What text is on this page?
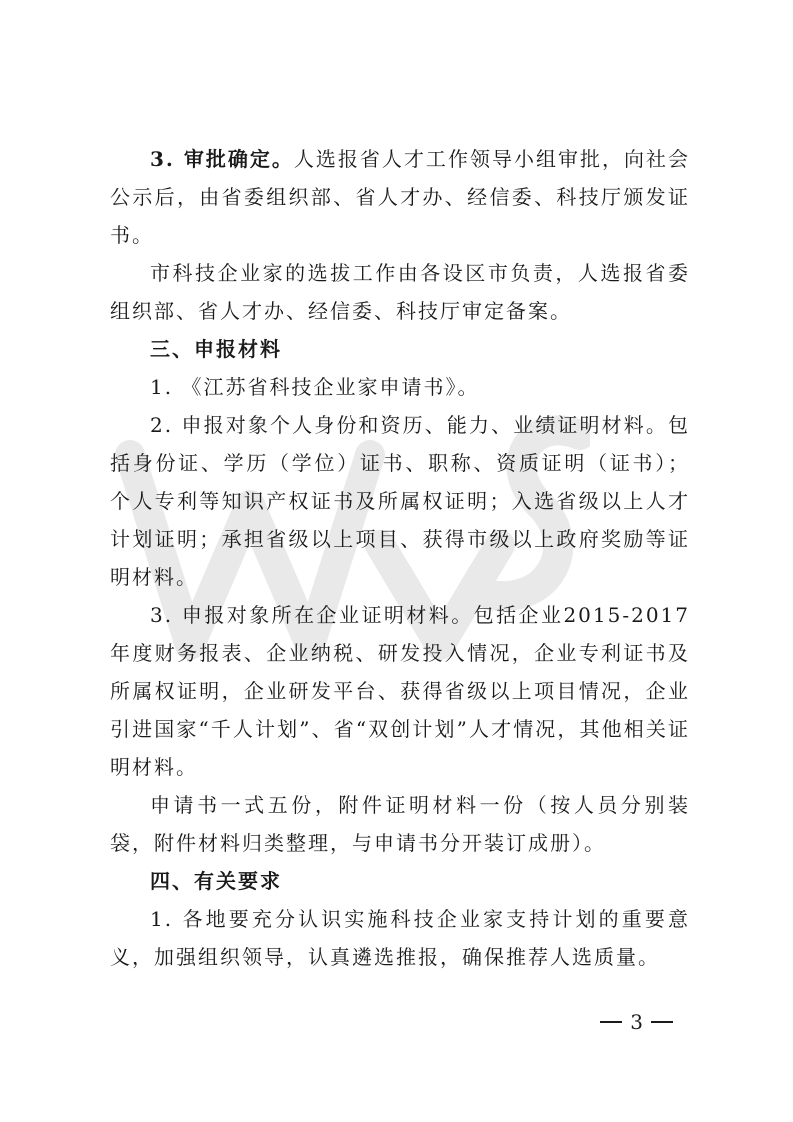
3. 审批确定。人选报省人才工作领导小组审批，向社会公示后，由省委组织部、省人才办、经信委、科技厅颁发证书。

市科技企业家的选拔工作由各设区市负责，人选报省委组织部、省人才办、经信委、科技厅审定备案。

三、申报材料

1. 《江苏省科技企业家申请书》。

2. 申报对象个人身份和资历、能力、业绩证明材料。包括身份证、学历（学位）证书、职称、资质证明（证书）；个人专利等知识产权证书及所属权证明；入选省级以上人才计划证明；承担省级以上项目、获得市级以上政府奖励等证明材料。

3. 申报对象所在企业证明材料。包括企业2015-2017年度财务报表、企业纳税、研发投入情况，企业专利证书及所属权证明，企业研发平台、获得省级以上项目情况，企业引进国家“千人计划”、省“双创计划”人才情况，其他相关证明材料。

申请书一式五份，附件证明材料一份（按人员分别装袋，附件材料归类整理，与申请书分开装订成册）。

四、有关要求

1. 各地要充分认识实施科技企业家支持计划的重要意义，加强组织领导，认真遴选推报，确保推荐人选质量。

3
